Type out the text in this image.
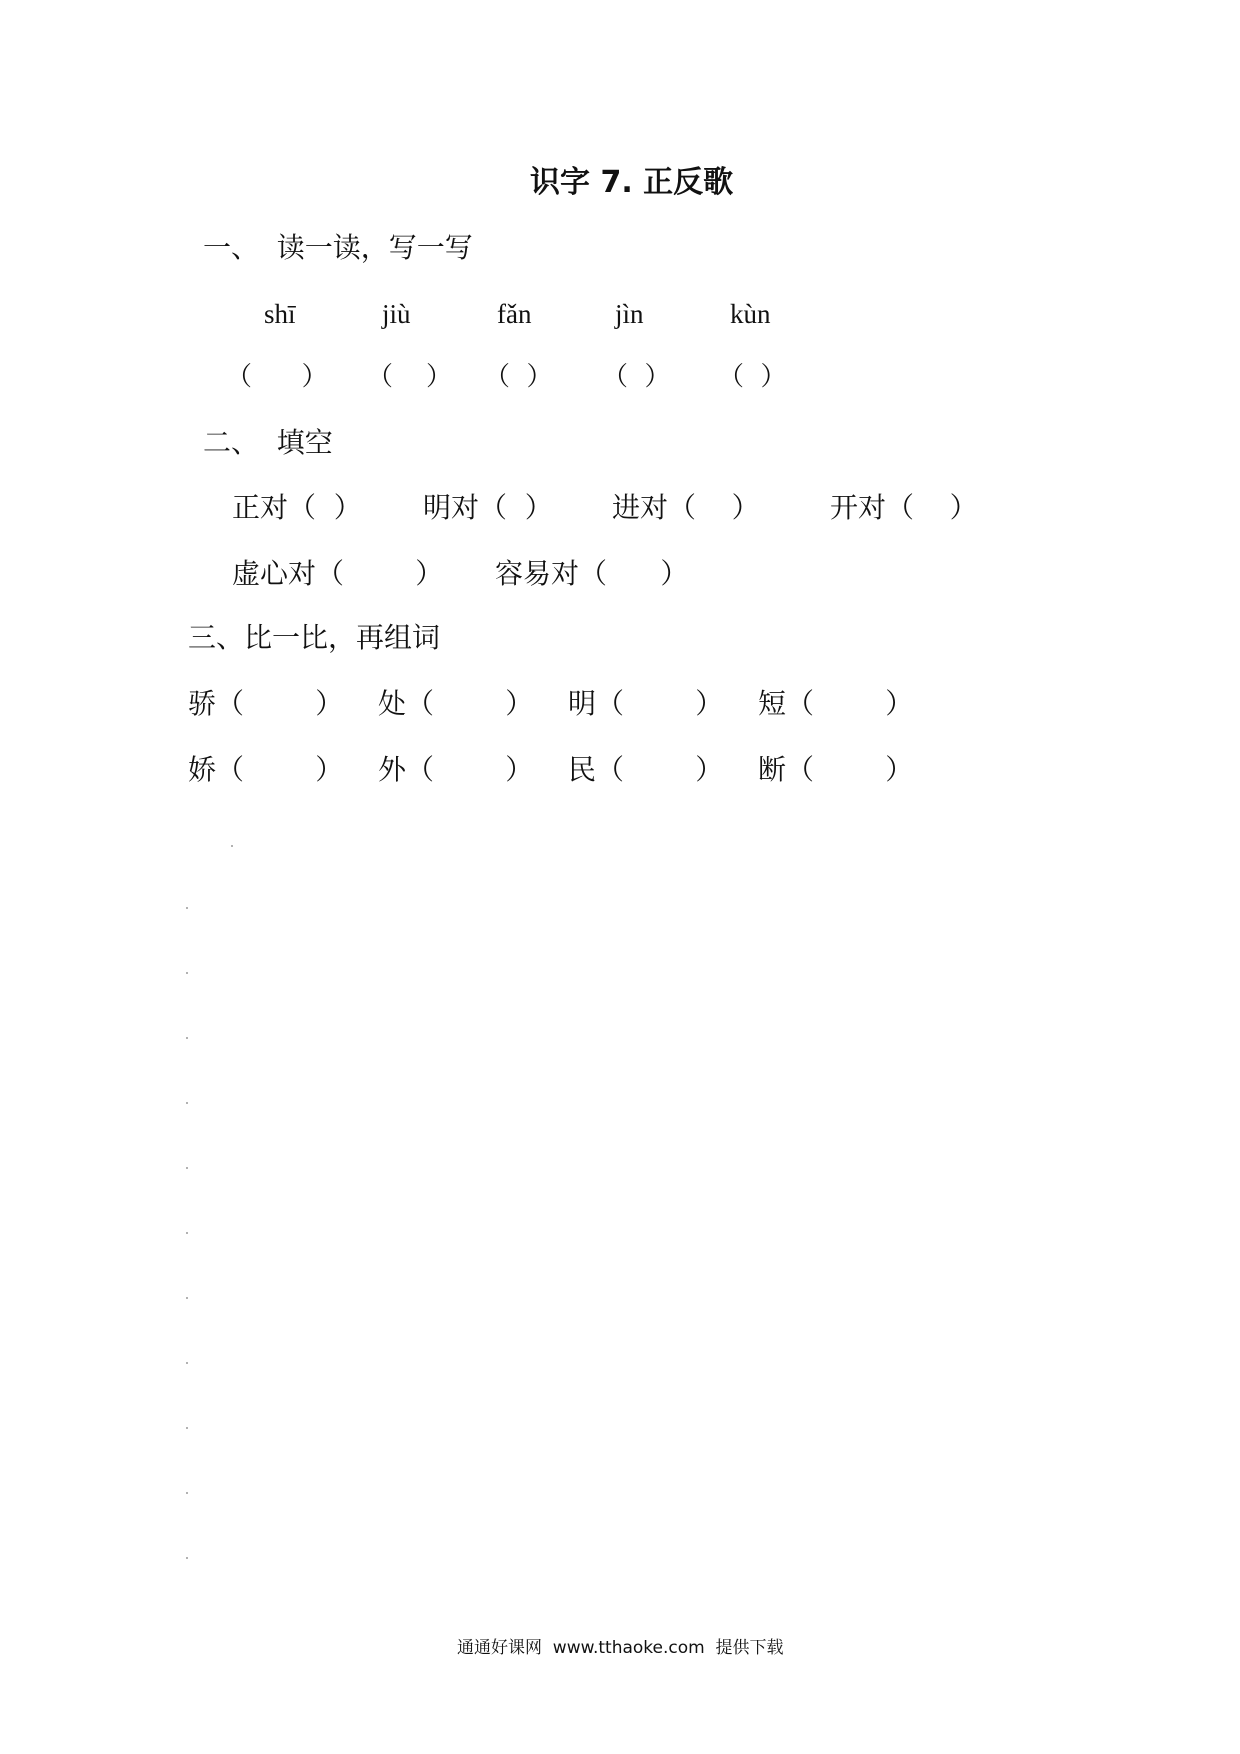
识字 7. 正反歌
一、  读一读，写一写
shī	jiù	fǎn	jìn	kùn
（      ） （    ） （  ） （  ） （  ）
二、  填空
正对（  ） 明对（  ） 进对（    ）	开对（    ）
虚心对（        ） 容易对（      ）
三、比一比，再组词
骄（        ） 处（        ） 明（        ） 短（        ）
娇（        ） 外（        ） 民（        ） 断（        ）
通通好课网  www.tthaoke.com  提供下载
